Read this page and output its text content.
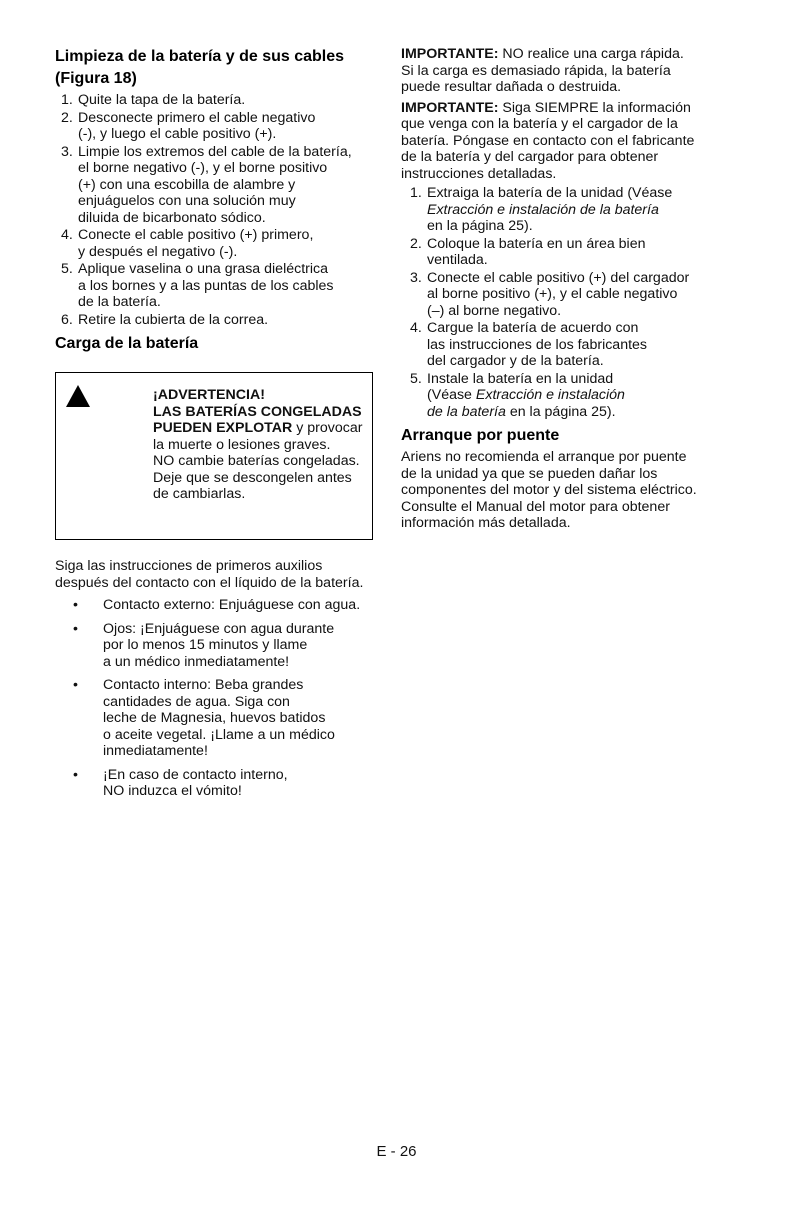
Limpieza de la batería y de sus cables
(Figura 18)
1. Quite la tapa de la batería.
2. Desconecte primero el cable negativo
(-), y luego el cable positivo (+).
3. Limpie los extremos del cable de la batería,
el borne negativo (-), y el borne positivo
(+) con una escobilla de alambre y
enjuáguelos con una solución muy
diluida de bicarbonato sódico.
4. Conecte el cable positivo (+) primero,
y después el negativo (-).
5. Aplique vaselina o una grasa dieléctrica
a los bornes y a las puntas de los cables
de la batería.
6. Retire la cubierta de la correa.
Carga de la batería
¡ADVERTENCIA!
LAS BATERÍAS CONGELADAS
PUEDEN EXPLOTAR y provocar
la muerte o lesiones graves.
NO cambie baterías congeladas.
Deje que se descongelen antes
de cambiarlas.

Siga las instrucciones de primeros auxilios
después del contacto con el líquido de la batería.

• Contacto externo: Enjuáguese con agua.
• Ojos: ¡Enjuáguese con agua durante
por lo menos 15 minutos y llame
a un médico inmediatamente!
• Contacto interno: Beba grandes
cantidades de agua. Siga con
leche de Magnesia, huevos batidos
o aceite vegetal. ¡Llame a un médico
inmediatamente!
• ¡En caso de contacto interno,
NO induzca el vómito!

IMPORTANTE: NO realice una carga rápida.
Si la carga es demasiado rápida, la batería
puede resultar dañada o destruida.

IMPORTANTE: Siga SIEMPRE la información
que venga con la batería y el cargador de la
batería. Póngase en contacto con el fabricante
de la batería y del cargador para obtener
instrucciones detalladas.

1. Extraiga la batería de la unidad (Véase
Extracción e instalación de la batería
en la página 25).
2. Coloque la batería en un área bien
ventilada.
3. Conecte el cable positivo (+) del cargador
al borne positivo (+), y el cable negativo
(–) al borne negativo.
4. Cargue la batería de acuerdo con
las instrucciones de los fabricantes
del cargador y de la batería.
5. Instale la batería en la unidad
(Véase Extracción e instalación
de la batería en la página 25).
Arranque por puente

Ariens no recomienda el arranque por puente
de la unidad ya que se pueden dañar los
componentes del motor y del sistema eléctrico.
Consulte el Manual del motor para obtener
información más detallada.

E - 26
